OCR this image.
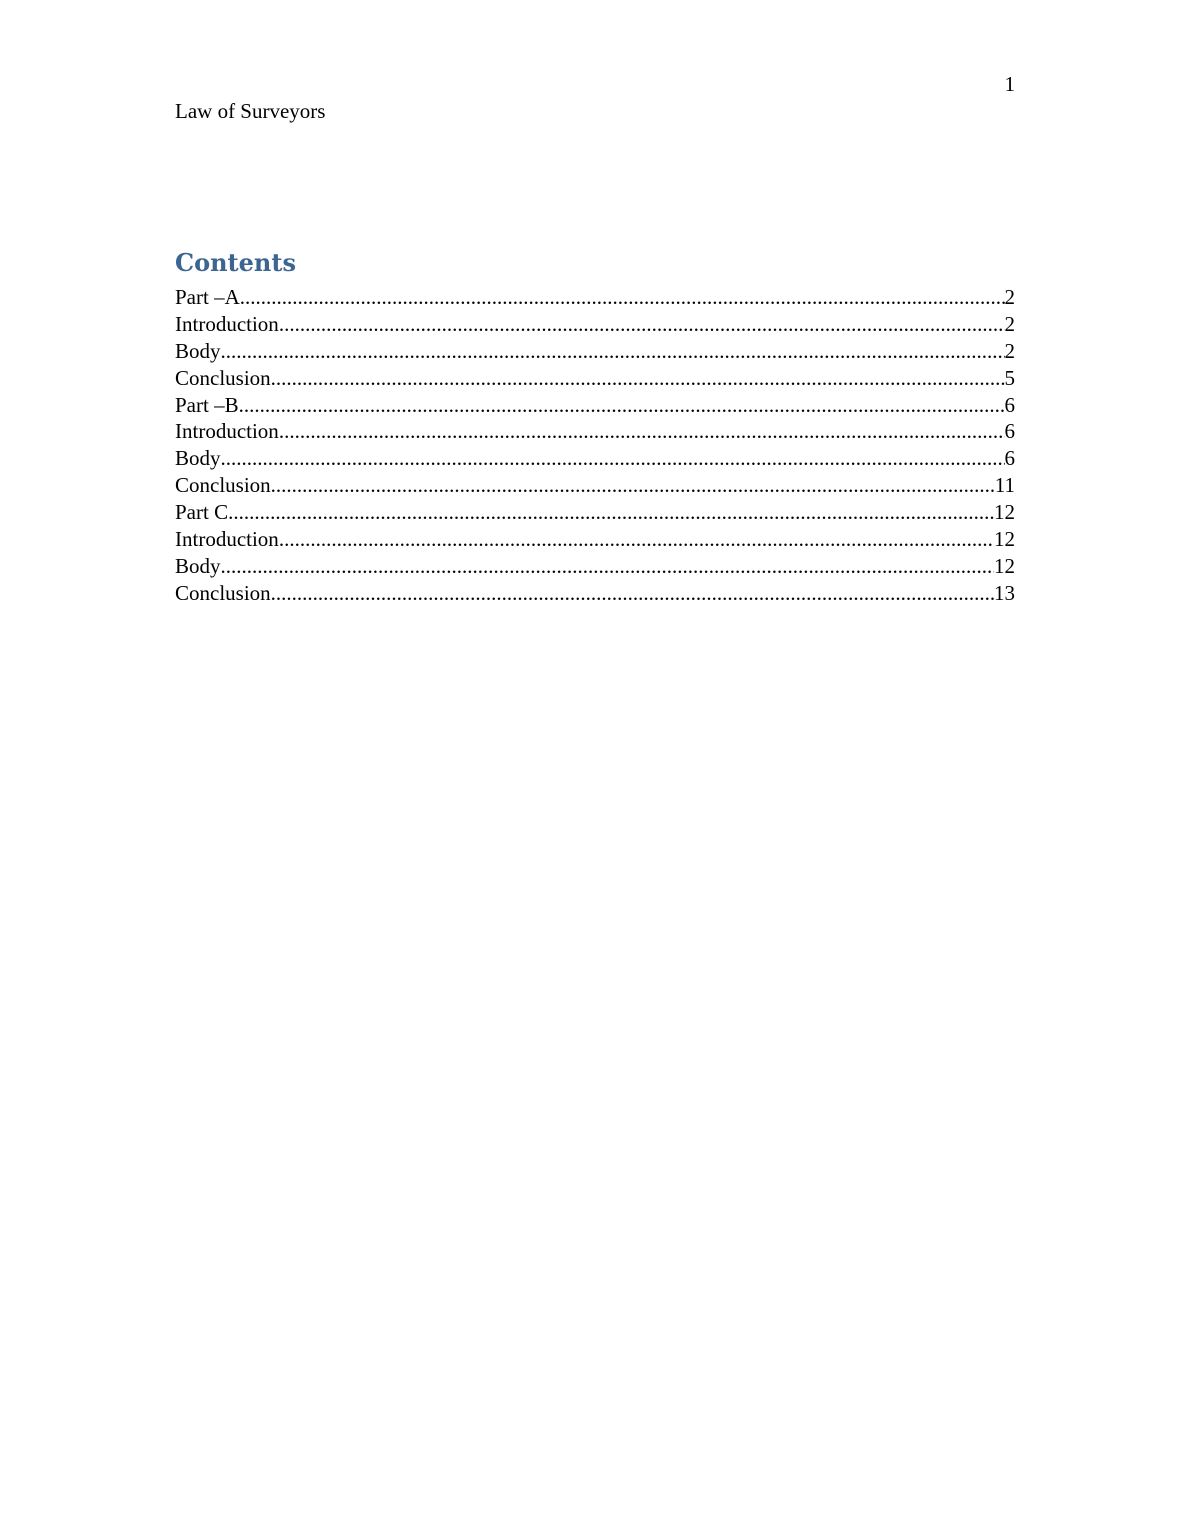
1
Law of Surveyors
Contents
Part –A .....	2
Introduction .....	2
Body .....	2
Conclusion .....	5
Part –B .....	6
Introduction .....	6
Body .....	6
Conclusion .....	11
Part C .....	12
Introduction .....	12
Body .....	12
Conclusion .....	13
